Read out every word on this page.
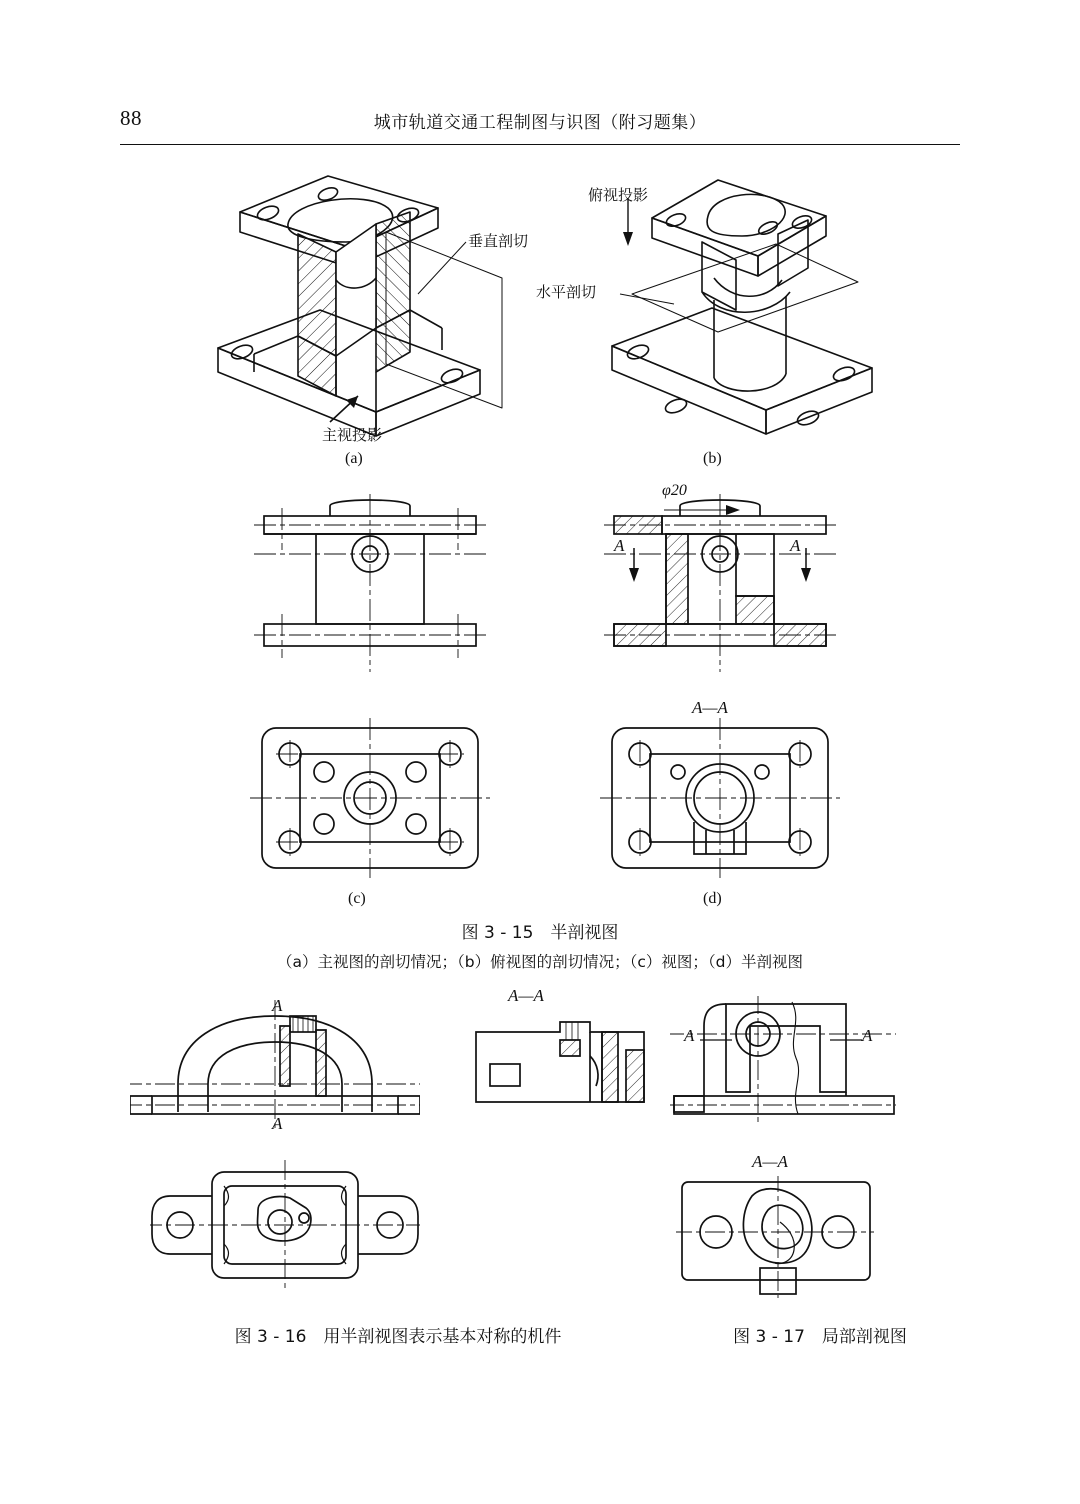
88	城市轨道交通工程制图与识图（附习题集）
垂直剖切
主视投影
(a)
俯视投影
水平剖切
(b)
(c)
φ20
A	A
A—A
(d)
图 3 - 15　半剖视图
（a）主视图的剖切情况；（b）俯视图的剖切情况；（c）视图；（d）半剖视图
A
A
A—A
A	A
A—A
图 3 - 16　用半剖视图表示基本对称的机件	图 3 - 17　局部剖视图
